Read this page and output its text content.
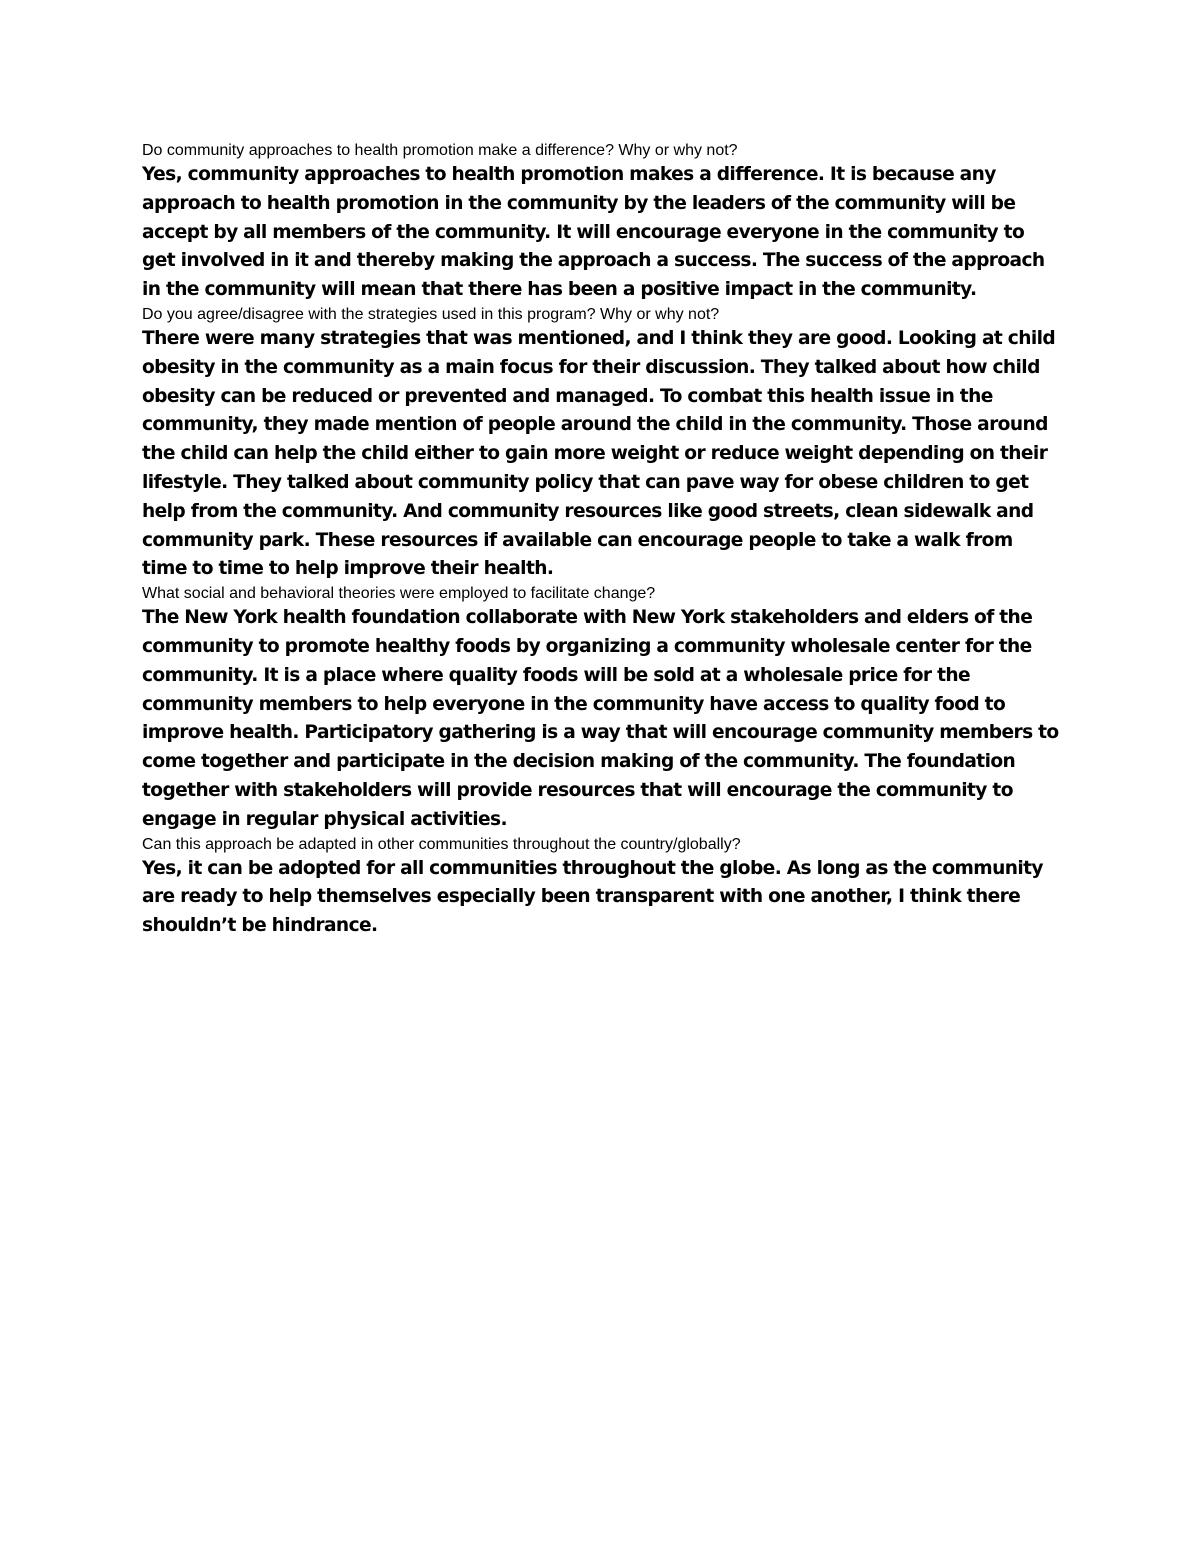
Do community approaches to health promotion make a difference? Why or why not?

Yes, community approaches to health promotion makes a difference. It is because any approach to health promotion in the community by the leaders of the community will be accept by all members of the community. It will encourage everyone in the community to get involved in it and thereby making the approach a success. The success of the approach in the community will mean that there has been a positive impact in the community.

Do you agree/disagree with the strategies used in this program? Why or why not?

There were many strategies that was mentioned, and I think they are good. Looking at child obesity in the community as a main focus for their discussion. They talked about how child obesity can be reduced or prevented and managed. To combat this health issue in the community, they made mention of people around the child in the community. Those around the child can help the child either to gain more weight or reduce weight depending on their lifestyle. They talked about community policy that can pave way for obese children to get help from the community. And community resources like good streets, clean sidewalk and community park. These resources if available can encourage people to take a walk from time to time to help improve their health.

What social and behavioral theories were employed to facilitate change?

The New York health foundation collaborate with New York stakeholders and elders of the community to promote healthy foods by organizing a community wholesale center for the community. It is a place where quality foods will be sold at a wholesale price for the community members to help everyone in the community have access to quality food to improve health. Participatory gathering is a way that will encourage community members to come together and participate in the decision making of the community. The foundation together with stakeholders will provide resources that will encourage the community to engage in regular physical activities.

Can this approach be adapted in other communities throughout the country/globally?

Yes, it can be adopted for all communities throughout the globe. As long as the community are ready to help themselves especially been transparent with one another, I think there shouldn’t be hindrance.
